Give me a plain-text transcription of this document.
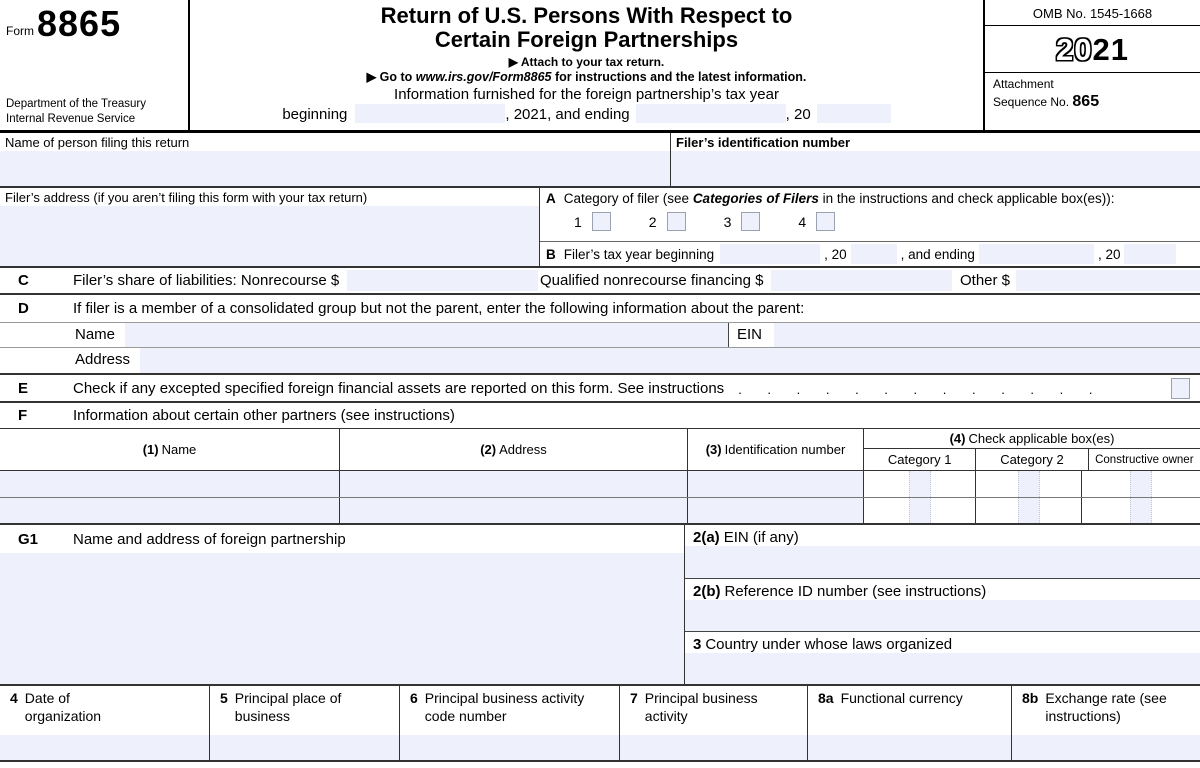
Form 8865
Department of the Treasury
Internal Revenue Service
Return of U.S. Persons With Respect to
Certain Foreign Partnerships
▶ Attach to your tax return.
▶ Go to www.irs.gov/Form8865 for instructions and the latest information.
Information furnished for the foreign partnership’s tax year
beginning	, 2021, and ending	, 20
OMB No. 1545-1668
2021
Attachment
Sequence No. 865
Name of person filing this return	Filer’s identification number
Filer’s address (if you aren’t filing this form with your tax return)	A Category of filer (see Categories of Filers in the instructions and check applicable box(es)):
1	2	3	4
B Filer’s tax year beginning	, 20	, and ending	, 20
C	Filer’s share of liabilities: Nonrecourse $	Qualified nonrecourse financing $	Other $
D	If filer is a member of a consolidated group but not the parent, enter the following information about the parent:
Name	EIN
Address
E	Check if any excepted specified foreign financial assets are reported on this form. See instructions	. . . . . . . . . . . . .
F	Information about certain other partners (see instructions)
(1) Name	(2) Address	(3) Identification number
(4) Check applicable box(es)
Category 1	Category 2	Constructive owner
G1	Name and address of foreign partnership	2(a) EIN (if any)
2(b) Reference ID number (see instructions)
3 Country under whose laws organized
4 Date of organization
5 Principal place of business
6 Principal business activity code number
7 Principal business activity
8a Functional currency	8b Exchange rate (see instructions)
